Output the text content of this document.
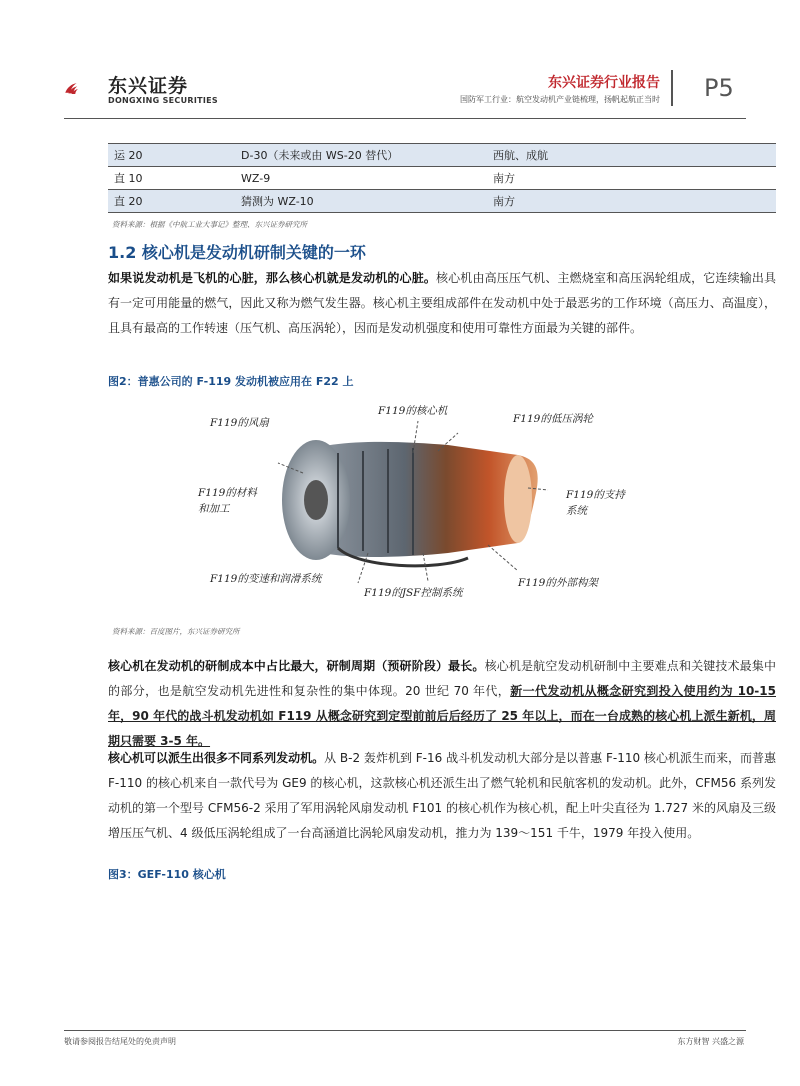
东兴证券
DONGXING SECURITIES
东兴证券行业报告
国防军工行业：航空发动机产业链梳理，扬帆起航正当时 P5
运 20	D-30（未来或由 WS-20 替代）	西航、成航
直 10	WZ-9	南方
直 20	猜测为 WZ-10	南方
资料来源：根据《中航工业大事记》整理、东兴证券研究所
1.2 核心机是发动机研制关键的一环
如果说发动机是飞机的心脏，那么核心机就是发动机的心脏。核心机由高压压气机、主燃烧室和高压涡轮组成，它连续输出具有一定可用能量的燃气，因此又称为燃气发生器。核心机主要组成部件在发动机中处于最恶劣的工作环境（高压力、高温度），且具有最高的工作转速（压气机、高压涡轮），因而是发动机强度和使用可靠性方面最为关键的部件。
图2：普惠公司的 F-119 发动机被应用在 F22 上
F119的风扇
F119的核心机
F119的低压涡轮
F119的材料
和加工
F119的支持
系统
F119的变速和润滑系统
F119的JSF控制系统
F119的外部构架
资料来源：百度图片，东兴证券研究所
核心机在发动机的研制成本中占比最大，研制周期（预研阶段）最长。核心机是航空发动机研制中主要难点和关键技术最集中的部分，也是航空发动机先进性和复杂性的集中体现。20 世纪 70 年代，新一代发动机从概念研究到投入使用约为 10-15 年，90 年代的战斗机发动机如 F119 从概念研究到定型前前后后经历了 25 年以上，而在一台成熟的核心机上派生新机，周期只需要 3-5 年。
核心机可以派生出很多不同系列发动机。从 B-2 轰炸机到 F-16 战斗机发动机大部分是以普惠 F-110 核心机派生而来，而普惠 F-110 的核心机来自一款代号为 GE9 的核心机，这款核心机还派生出了燃气轮机和民航客机的发动机。此外，CFM56 系列发动机的第一个型号 CFM56-2 采用了军用涡轮风扇发动机 F101 的核心机作为核心机，配上叶尖直径为 1.727 米的风扇及三级增压压气机、4 级低压涡轮组成了一台高涵道比涡轮风扇发动机，推力为 139～151 千牛，1979 年投入使用。
图3：GEF-110 核心机
敬请参阅报告结尾处的免责声明	东方财智 兴盛之源
